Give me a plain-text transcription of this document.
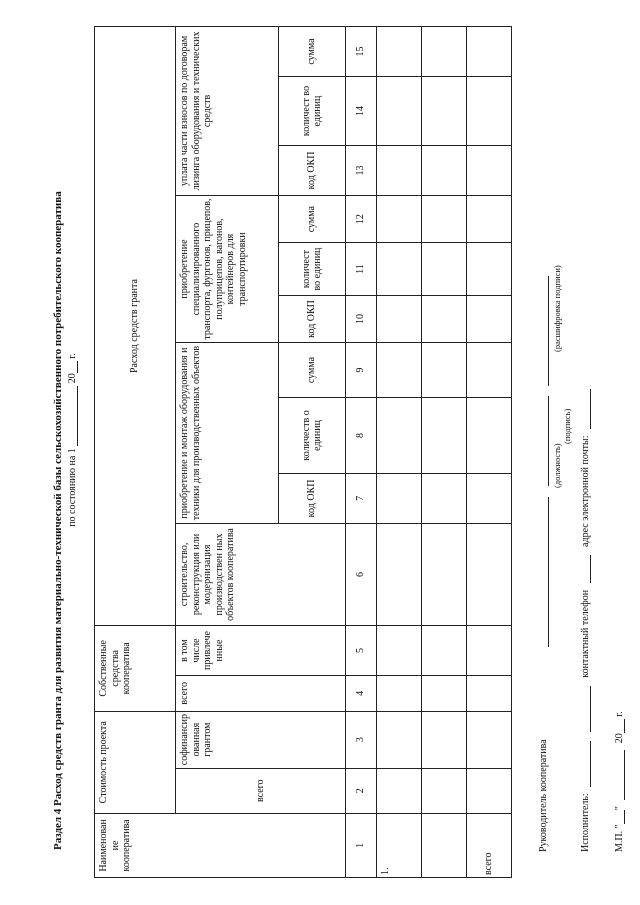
Раздел 4 Расход средств гранта для развития материально-технической базы сельскохозяйственного потребительского кооператива по состоянию на 1  20 г.
Наименован ие кооператива	Стоимость проекта		Собственные средства кооператива		Расход средств гранта									
	всего	софинансир ованная грантом	всего	в том числе привлече нные	строительство, реконструкция или модернизация производствен ных объектов кооператива	приобретение и монтаж оборудования и техники для производственных объектов			приобретение специализированного транспорта, фургонов, прицепов, полуприцепов, вагонов, контейнеров для транспортировки			уплата части взносов по договорам лизинга оборудования и технических средств		
						код ОКП	количеств о единиц	сумма	код ОКП	количест во единиц	сумма	код ОКП	количест во единиц	сумма
1	2	3	4	5	6	7	8	9	10	11	12	13	14	15
1.														

всего														
Руководитель кооператива
(должность)
(подпись)
(расшифровка подписи)
Исполнитель:   контактный телефон  адрес электронной почты:
М.П. ""  20 г.
